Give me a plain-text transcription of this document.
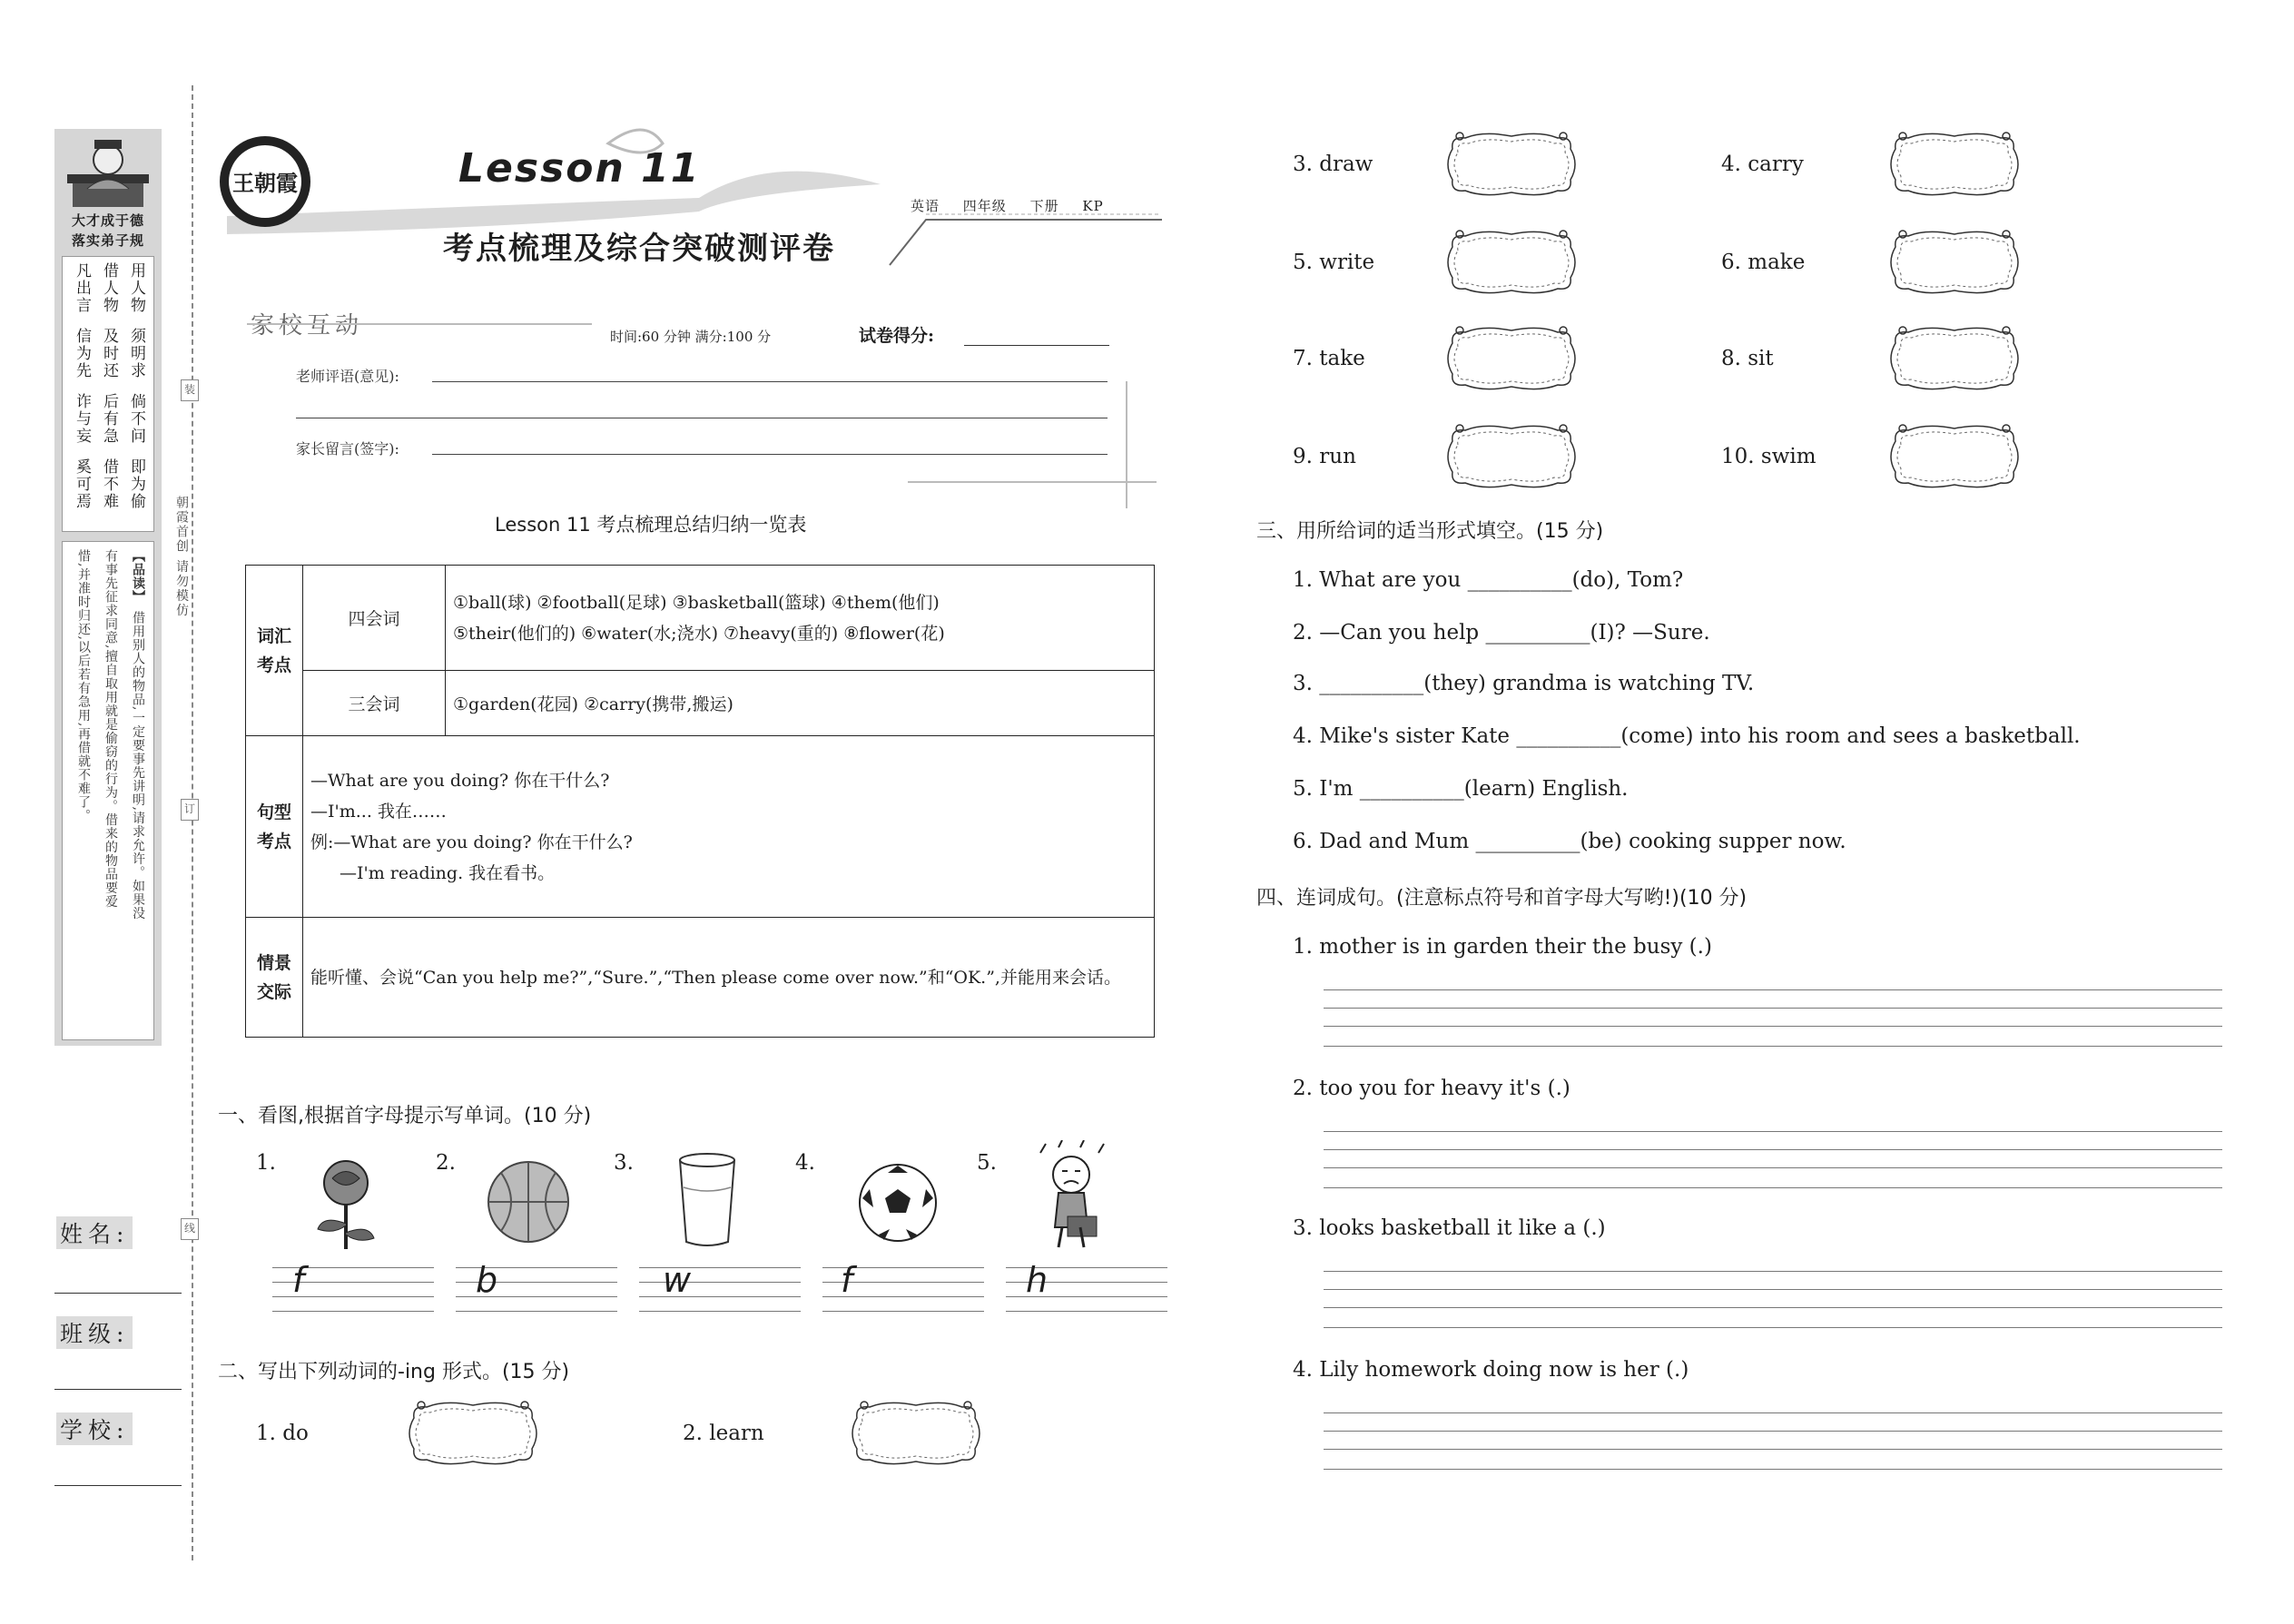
大才成于德
落实弟子规
用人物
须明求
倘不问
即为偷
借人物
及时还
后有急
借不难
凡出言
信为先
诈与妄
奚可焉
【品读】
借用别人的物品,一定要事先讲明,请求允许。如果没
有事先征求同意,擅自取用就是偷窃的行为。借来的物品要爱
惜,并准时归还,以后若有急用,再借就不难了。
姓名:
班级:
学校:
装
订
线
朝霞首创 请勿模仿
王朝霞	Lesson 11
考点梳理及综合突破测评卷
英语 四年级 下册 KP
家校互动	时间:60 分钟 满分:100 分	试卷得分:
老师评语(意见):
家长留言(签字):
Lesson 11 考点梳理总结归纳一览表
词汇考点	四会词	①ball(球) ②football(足球) ③basketball(篮球) ④them(他们)
⑤their(他们的) ⑥water(水;浇水) ⑦heavy(重的) ⑧flower(花)

	三会词	①garden(花园) ②carry(携带,搬运)
句型考点	—What are you doing? 你在干什么?
—I'm... 我在……
例:—What are you doing? 你在干什么?
—I'm reading. 我在看书。	

情景交际	能听懂、会说“Can you help me?”,“Sure.”,“Then please come over now.”和“OK.”,并能用来会话。	
一、看图,根据首字母提示写单词。(10 分)
1.	2.	3.	4.	5.
f	b	w	f	h
二、写出下列动词的-ing 形式。(15 分)
1. do	2. learn
3. draw	4. carry
5. write	6. make
7. take	8. sit
9. run	10. swim
三、用所给词的适当形式填空。(15 分)
1. What are you __________(do), Tom?
2. —Can you help __________(I)? —Sure.
3. __________(they) grandma is watching TV.
4. Mike's sister Kate __________(come) into his room and sees a basketball.
5. I'm __________(learn) English.
6. Dad and Mum __________(be) cooking supper now.
四、连词成句。(注意标点符号和首字母大写哟!)(10 分)
1. mother is in garden their the busy (.)
2. too you for heavy it's (.)
3. looks basketball it like a (.)
4. Lily homework doing now is her (.)
